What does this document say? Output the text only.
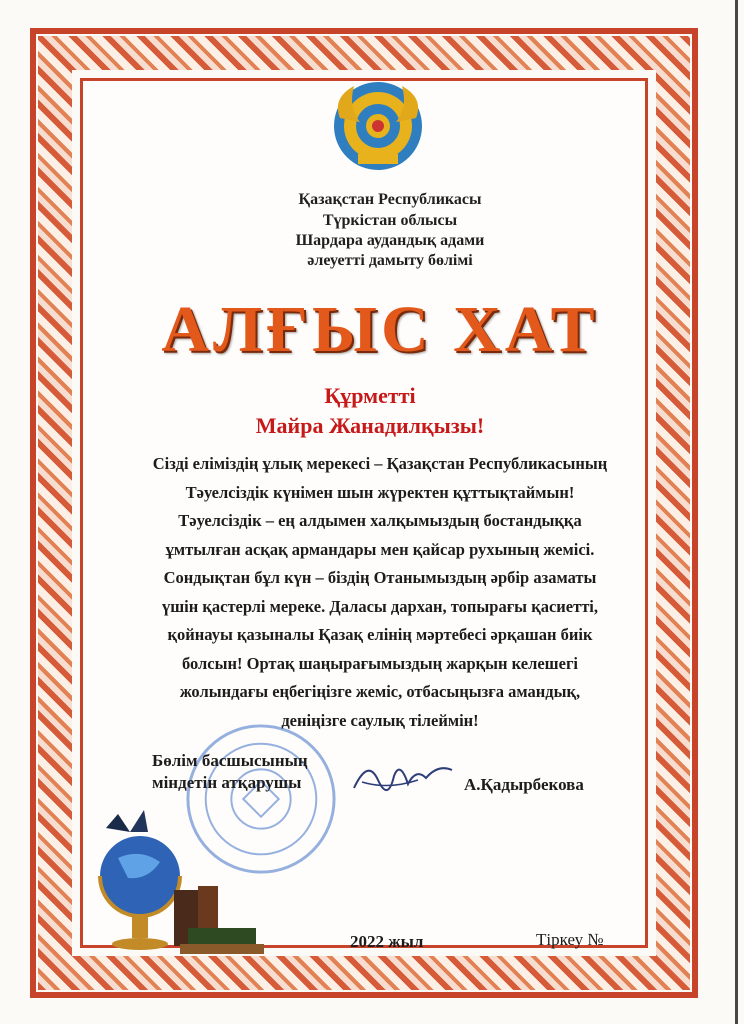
Қазақстан Республикасы
Түркістан облысы
Шардара аудандық адами
әлеуетті дамыту бөлімі
АЛҒЫС ХАТ
Құрметті
Майра Жанадилқызы!

Сізді еліміздің ұлық мерекесі – Қазақстан Республикасының Тәуелсіздік күнімен шын жүректен құттықтаймын!

Тәуелсіздік – ең алдымен халқымыздың бостандыққа ұмтылған асқақ армандары мен қайсар рухының жемісі. Сондықтан бұл күн – біздің Отанымыздың әрбір азаматы үшін қастерлі мереке. Даласы дархан, топырағы қасиетті, қойнауы қазыналы Қазақ елінің мәртебесі әрқашан биік болсын! Ортақ шаңырағымыздың жарқын келешегі жолындағы еңбегіңізге жеміс, отбасыңызға амандық, деніңізге саулық тілеймін!

Бөлім басшысының
міндетін атқарушы	А.Қадырбекова
2022 жыл	Тіркеу №
